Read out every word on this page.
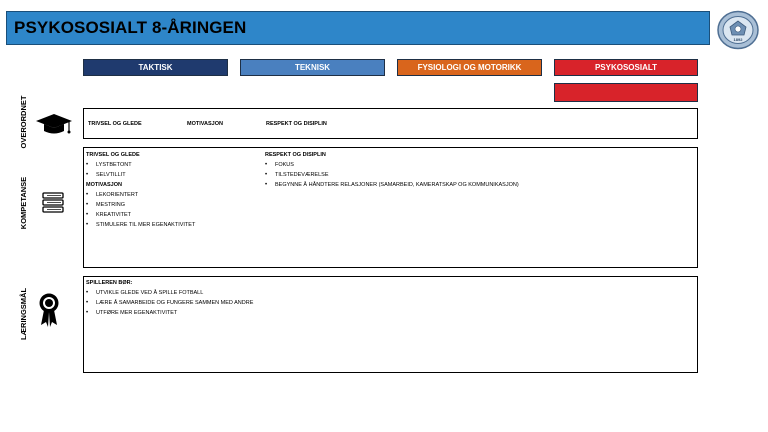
PSYKOSOSIALT 8-ÅRINGEN
1892
TAKTISK	TEKNISK	FYSIOLOGI OG MOTORIKK	PSYKOSOSIALT
OVERORDNET
KOMPETANSE
LÆRINGSMÅL
TRIVSEL OG GLEDE	MOTIVASJON	RESPEKT OG DISIPLIN
TRIVSEL OG GLEDE
• LYSTBETONT
• SELVTILLIT
MOTIVASJON
• LEKORIENTERT
• MESTRING
• KREATIVITET
• STIMULERE TIL MER EGENAKTIVITET
RESPEKT OG DISIPLIN
• FOKUS
• TILSTEDEVÆRELSE
• BEGYNNE Å HÅNDTERE RELASJONER (SAMARBEID, KAMERATSKAP OG KOMMUNIKASJON)
SPILLEREN BØR:
• UTVIKLE GLEDE VED Å SPILLE FOTBALL
• LÆRE Å SAMARBEIDE OG FUNGERE SAMMEN MED ANDRE
• UTFØRE MER EGENAKTIVITET
